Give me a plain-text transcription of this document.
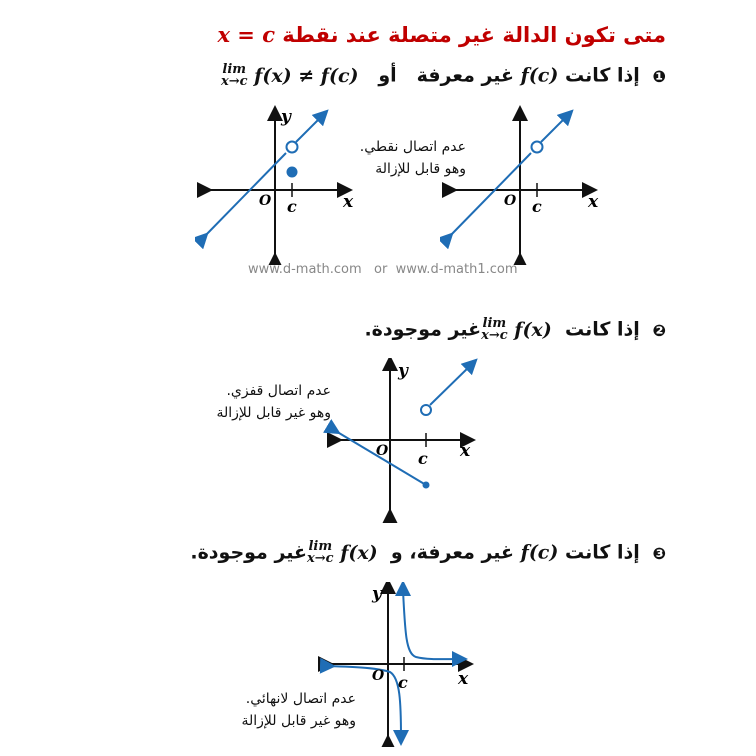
متى تكون الدالة غير متصلة عند نقطة x = c
❶ إذا كانت f(c) غير معرفة   أو   lim
x→c f(x) ≠ f(c)
y
x
O c
عدم اتصال نقطي.
وهو قابل للإزالة
x
O c
www.d-math.com   or  www.d-math1.com
❷ إذا كانت lim
x→c f(x) غير موجودة.
عدم اتصال قفزي.
وهو غير قابل للإزالة
y
x
O c
❸ إذا كانت f(c) غير معرفة، و lim
x→c f(x) غير موجودة.
y
x
O c
عدم اتصال لانهائي.
وهو غير قابل للإزالة
